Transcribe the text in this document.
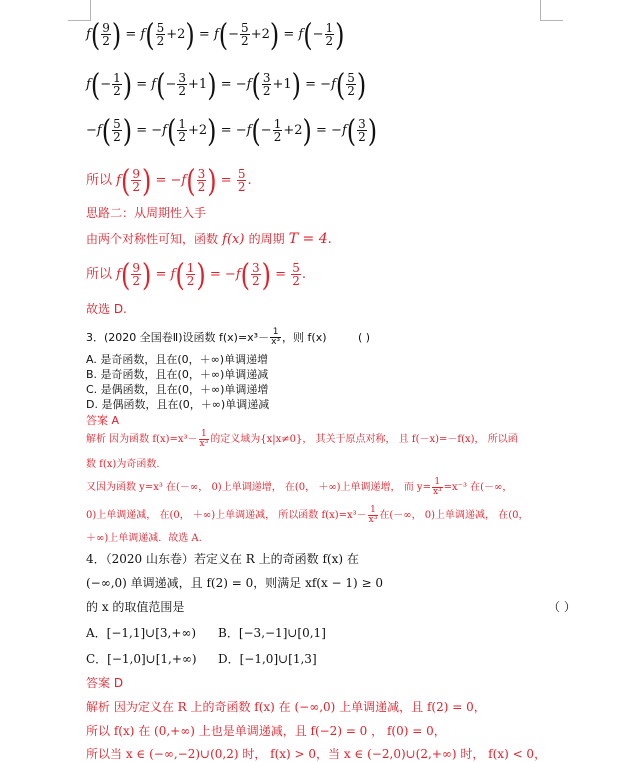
$f( \frac{9}{2}$ ) = $f( \frac{5}{2} +2) = f(- \frac{5}{2} +2) = f(- \frac{1}{2}$ )
$f(- \frac{1}{2}$ ) = $f(- \frac{3}{2} +1) = -f( \frac{3}{2} +1) = -f( \frac{5}{2}$ )
$-f( \frac{5}{2}$ ) = $-f( \frac{1}{2} +2) = -f(- \frac{1}{2} +2) = -f( \frac{3}{2}$ )
所以 $f( \frac{9}{2}$ ) = $-f( \frac{3}{2}$ ) = $\frac{5}{2}$ .
思路二：从周期性入手
由两个对称性可知，函数 f(x) 的周期 T = 4.
所以 $f( \frac{9}{2}$ ) = $f( \frac{1}{2}$ ) = $-f( \frac{3}{2}$ ) = $\frac{5}{2}$ .
故选 D.
3．(2020 全国卷Ⅱ)设函数 $f(x)=x^3- \frac{1}{\text{x³}}$ ，则 f(x)	( )
A. 是奇函数，且在(0，＋∞)单调递增
B. 是奇函数，且在(0，＋∞)单调递减
C. 是偶函数，且在(0，＋∞)单调递增
D. 是偶函数，且在(0，＋∞)单调递减
答案 A
解析 因为函数 $f(x)=x^3- \frac{1}{\text{x³}}$ 的定义域为{x|x≠0}， 其关于原点对称， 且 f(－x)=－f(x)， 所以函
数 f(x)为奇函数.
又因为函数 y=x³ 在(－∞， 0)上单调递增， 在(0， ＋∞)上单调递增， 而 $y= \frac{1}{\text{x³}} =x^{-3}$ 在(－∞，
0)上单调递减， 在(0， ＋∞)上单调递减， 所以函数 $f(x)=x^3- \frac{1}{\text{x³}}$ 在(－∞， 0)上单调递减， 在(0，
＋∞)上单调递减．故选 A.
4．（2020 山东卷）若定义在 R 上的奇函数 f(x) 在
(−∞,0) 单调递减，且 f(2) = 0，则满足 xf(x − 1) ≥ 0
的 x 的取值范围是	（ ）
A．[−1,1]∪[3,+∞) B．[−3,−1]∪[0,1]
C．[−1,0]∪[1,+∞) D．[−1,0]∪[1,3]
答案 D
解析 因为定义在 R 上的奇函数 f(x) 在 (−∞,0) 上单调递减，且 f(2) = 0，
所以 f(x) 在 (0,+∞) 上也是单调递减，且 f(−2) = 0 ， f(0) = 0，
所以当 x ∈ (−∞,−2)∪(0,2) 时， f(x) > 0，当 x ∈ (−2,0)∪(2,+∞) 时， f(x) < 0，
